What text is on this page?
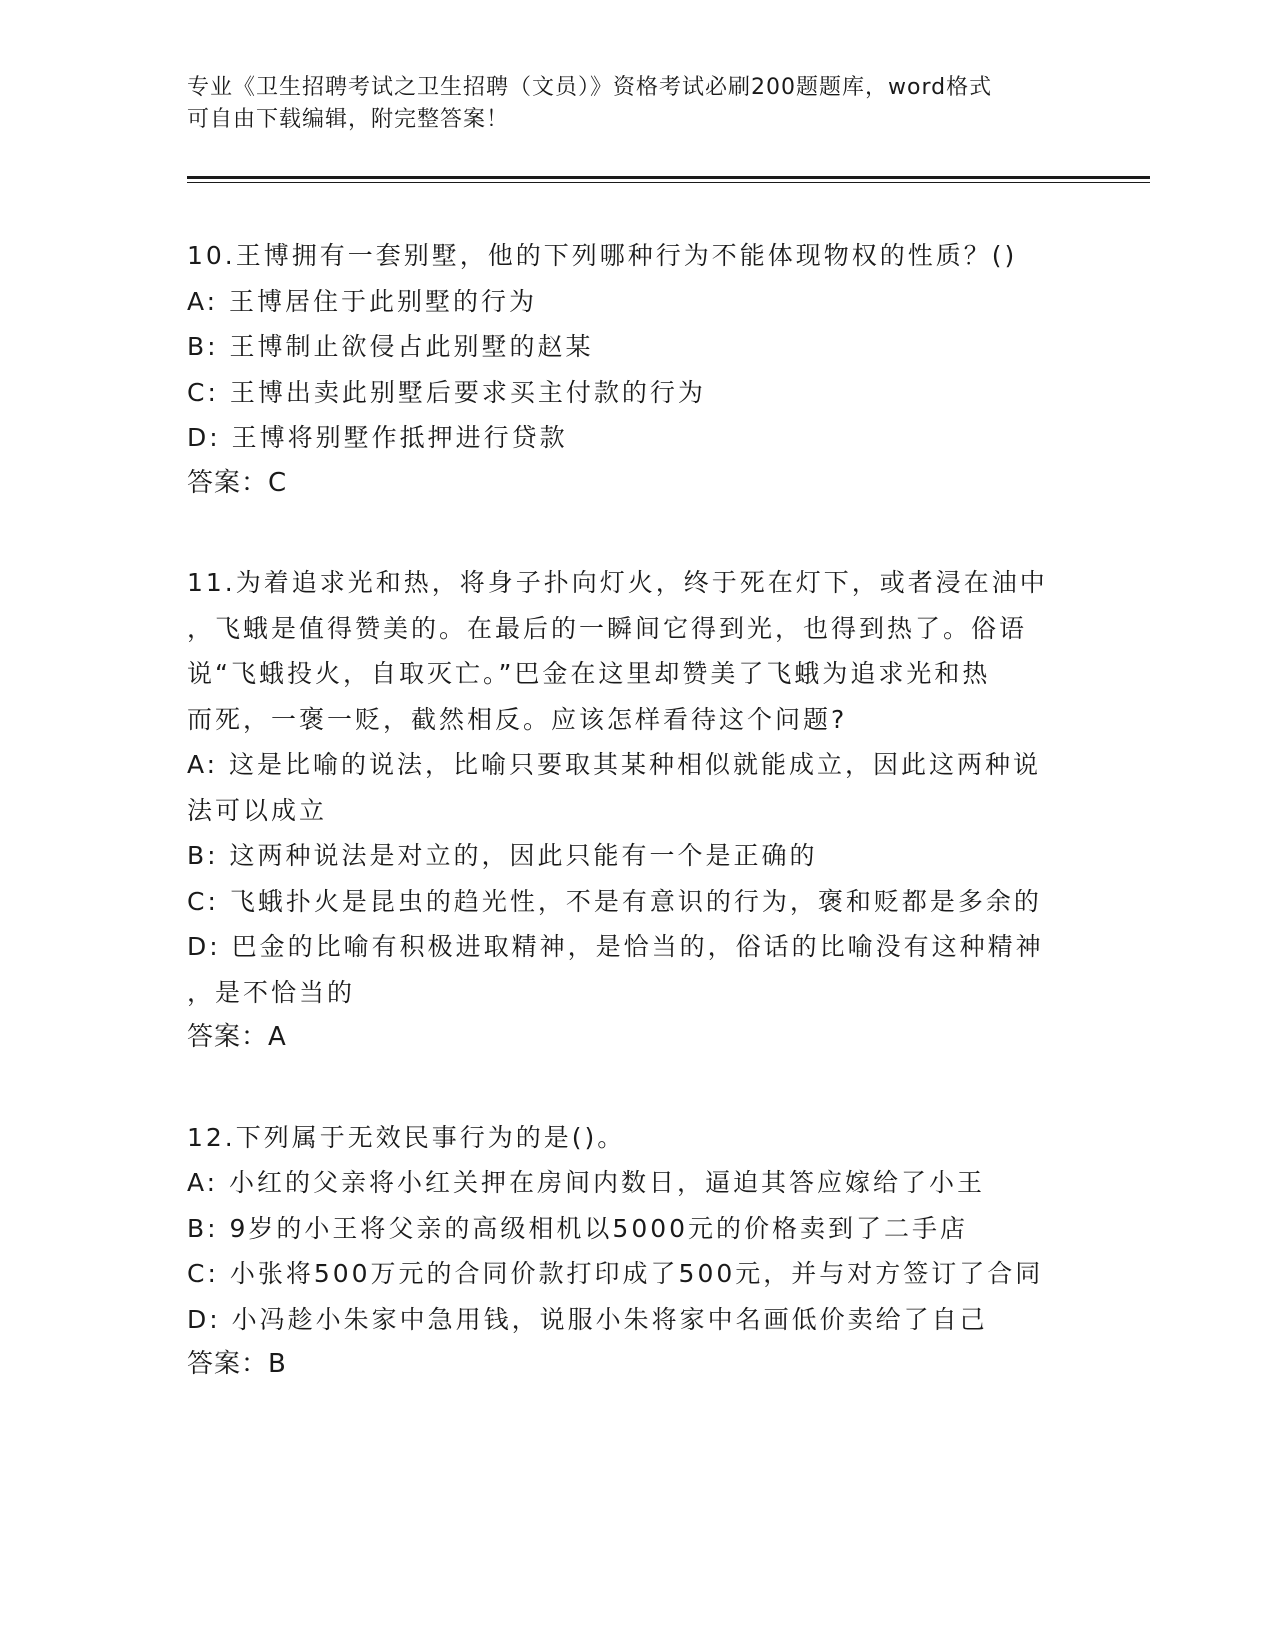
专业《卫生招聘考试之卫生招聘（文员）》资格考试必刷200题题库，word格式
可自由下载编辑，附完整答案！
10.王博拥有一套别墅，他的下列哪种行为不能体现物权的性质？()
A: 王博居住于此别墅的行为
B: 王博制止欲侵占此别墅的赵某
C: 王博出卖此别墅后要求买主付款的行为
D: 王博将别墅作抵押进行贷款
答案：C
11.为着追求光和热，将身子扑向灯火，终于死在灯下，或者浸在油中
，飞蛾是值得赞美的。在最后的一瞬间它得到光，也得到热了。俗语
说“飞蛾投火，自取灭亡。”巴金在这里却赞美了飞蛾为追求光和热
而死，一褒一贬，截然相反。应该怎样看待这个问题?
A: 这是比喻的说法，比喻只要取其某种相似就能成立，因此这两种说
法可以成立
B: 这两种说法是对立的，因此只能有一个是正确的
C: 飞蛾扑火是昆虫的趋光性，不是有意识的行为，褒和贬都是多余的
D: 巴金的比喻有积极进取精神，是恰当的，俗话的比喻没有这种精神
，是不恰当的
答案：A
12.下列属于无效民事行为的是()。
A: 小红的父亲将小红关押在房间内数日，逼迫其答应嫁给了小王
B: 9岁的小王将父亲的高级相机以5000元的价格卖到了二手店
C: 小张将500万元的合同价款打印成了500元，并与对方签订了合同
D: 小冯趁小朱家中急用钱，说服小朱将家中名画低价卖给了自己
答案：B
